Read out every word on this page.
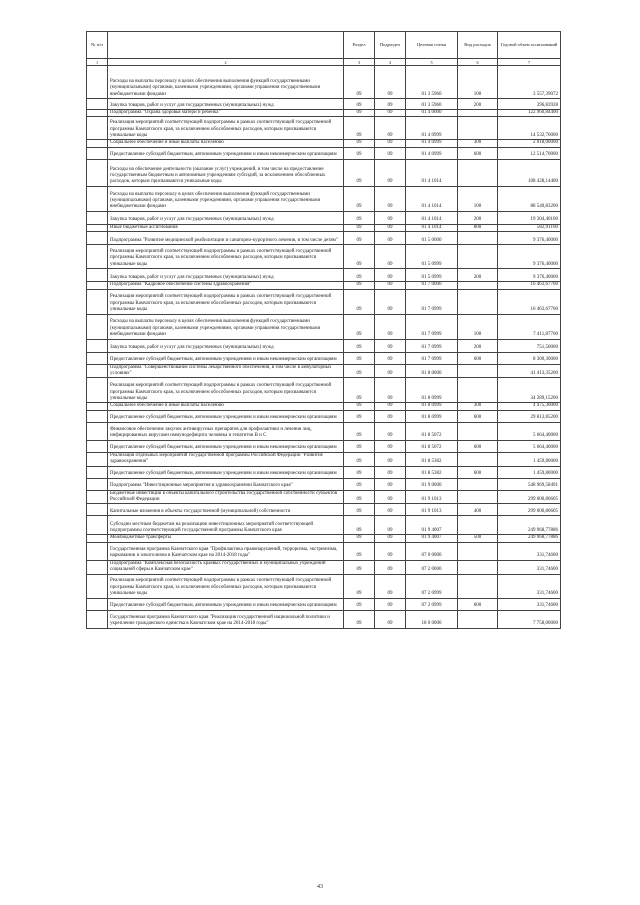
№ п/п		Раздел	Подраздел	Целевая статья	Вид расходов	Годовой объем ассигнований
1	2	3	4	5	6	7
	Расходы на выплаты персоналу в целях обеспечения выполнения функций государственными (муниципальными) органами, казенными учреждениями, органами управления государственными внебюджетными фондами	09	09	01 3 5960	100	3 557,39072
	Закупка товаров, работ и услуг для государственных (муниципальных) нужд	09	09	01 3 5960	200	396,83928
	Подпрограмма "Охрана здоровья матери и ребенка"	09	09	01 4 0000		122 960,84400
	Реализация мероприятий соответствующей подпрограммы в рамках соответствующей государственной программы Камчатского края, за исключением обособленных расходов, которым присваиваются уникальные коды	09	09	01 4 0999		14 532,70000
	Социальное обеспечение и иные выплаты населению	09	09	01 4 0999	300	2 018,00000
	Предоставление субсидий бюджетным, автономным учреждениям и иным некоммерческим организациям	09	09	01 4 0999	600	12 514,70000
	Расходы на обеспечение деятельности (оказание услуг) учреждений, в том числе на предоставление государственным бюджетным и автономным учреждениям субсидий, за исключением обособленных расходов, которым присваиваются уникальные коды	09	09	01 4 1014		108 428,14400
	Расходы на выплаты персоналу в целях обеспечения выполнения функций государственными (муниципальными) органами, казенными учреждениями, органами управления государственными внебюджетными фондами	09	09	01 4 1014	100	88 540,83200
	Закупка товаров, работ и услуг для государственных (муниципальных) нужд	09	09	01 4 1014	200	19 304,40100
	Иные бюджетные ассигнования	09	09	01 4 1014	800	582,91100
	Подпрограмма "Развитие медицинской реабилитации и санаторно-курортного лечения, в том числе детям"	09	09	01 5 0000		9 376,40000
	Реализация мероприятий соответствующей подпрограммы в рамках соответствующей государственной программы Камчатского края, за исключением обособленных расходов, которым присваиваются уникальные коды	09	09	01 5 0999		9 376,40000
	Закупка товаров, работ и услуг для государственных (муниципальных) нужд	09	09	01 5 0999	200	9 376,40000
	Подпрограмма "Кадровое обеспечение системы здравоохранения"	09	09	01 7 0000		16 463,67700
	Реализация мероприятий соответствующей подпрограммы в рамках соответствующей государственной программы Камчатского края, за исключением обособленных расходов, которым присваиваются уникальные коды	09	09	01 7 0999		16 463,67700
	Расходы на выплаты персоналу в целях обеспечения выполнения функций государственными (муниципальными) органами, казенными учреждениями, органами управления государственными внебюджетными фондами	09	09	01 7 0999	100	7 411,87700
	Закупка товаров, работ и услуг для государственных (муниципальных) нужд	09	09	01 7 0999	200	751,50000
	Предоставление субсидий бюджетным, автономным учреждениям и иным некоммерческим организациям	09	09	01 7 0999	600	8 300,30000
	Подпрограмма "Совершенствование системы лекарственного обеспечения, в том числе в амбулаторных условиях"	09	09	01 8 0000		41 413,35200
	Реализация мероприятий соответствующей подпрограммы в рамках соответствующей государственной программы Камчатского края, за исключением обособленных расходов, которым присваиваются уникальные коды	09	09	01 8 0999		34 289,15200
	Социальное обеспечение и иные выплаты населению	09	09	01 8 0999	300	4 475,30000
	Предоставление субсидий бюджетным, автономным учреждениям и иным некоммерческим организациям	09	09	01 8 0999	600	29 813,85200
	Финансовое обеспечение закупок антивирусных препаратов для профилактики и лечения лиц, инфицированных вирусами иммунодефицита человека и гепатитов B и C	09	09	01 8 5072		5 664,40000
	Предоставление субсидий бюджетным, автономным учреждениям и иным некоммерческим организациям	09	09	01 8 5072	600	5 664,40000
	Реализация отдельных мероприятий государственной программы Российской Федерации "Развитие здравоохранения"	09	09	01 8 5382		1 459,80000
	Предоставление субсидий бюджетным, автономным учреждениям и иным некоммерческим организациям	09	09	01 8 5382	600	1 459,80000
	Подпрограмма "Инвестиционные мероприятия в здравоохранении Камчатского края"	09	09	01 9 0000		548 969,58491
	Бюджетные инвестиции в объекты капитального строительства государственной собственности субъектов Российской Федерации	09	09	01 9 1013		299 000,80605
	Капитальные вложения в объекты государственной (муниципальной) собственности	09	09	01 9 1013	400	299 000,80605
	Субсидии местным бюджетам на реализацию инвестиционных мероприятий соответствующей подпрограммы соответствующей государственной программы Камчатского края	09	09	01 9 4007		249 968,77886
	Межбюджетные трансферты	09	09	01 9 4007	500	249 968,77886
	Государственная программа Камчатского края "Профилактика правонарушений, терроризма, экстремизма, наркомании и алкоголизма в Камчатском крае на 2014-2018 годы"	09	09	07 0 0000		331,74600
	Подпрограмма "Комплексная безопасность краевых государственных и муниципальных учреждений социальной сферы в Камчатском крае"	09	09	07 2 0000		331,74600
	Реализация мероприятий соответствующей подпрограммы в рамках соответствующей государственной программы Камчатского края, за исключением обособленных расходов, которым присваиваются уникальные коды	09	09	07 2 0999		331,74600
	Предоставление субсидий бюджетным, автономным учреждениям и иным некоммерческим организациям	09	09	07 2 0999	600	331,74600
	Государственная программа Камчатского края "Реализация государственной национальной политики и укрепление гражданского единства в Камчатском крае на 2014-2018 годы"	09	09	18 0 0000		7 758,00000
43
